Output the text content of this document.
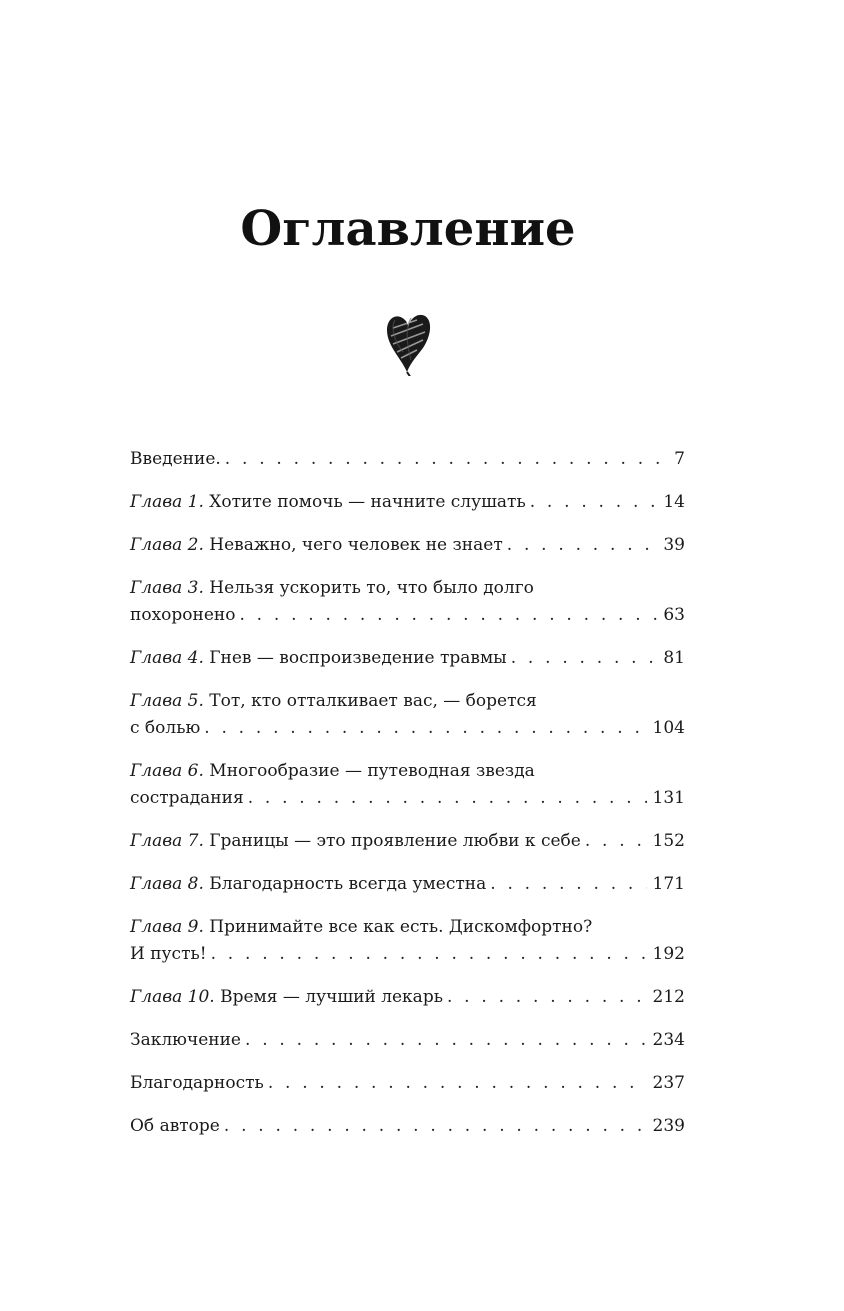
Оглавление
Введение. . . .	7
Глава 1. Хотите помочь — начните слушать . . .	14
Глава 2. Неважно, чего человек не знает . . .	39
Глава 3. Нельзя ускорить то, что было долго
похоронено . . .	63
Глава 4. Гнев — воспроизведение травмы . . .	81
Глава 5. Тот, кто отталкивает вас, — борется
с болью . . .	104
Глава 6. Многообразие — путеводная звезда
сострадания . . .	131
Глава 7. Границы — это проявление любви к себе . . .	152
Глава 8. Благодарность всегда уместна . . .	171
Глава 9. Принимайте все как есть. Дискомфортно?
И пусть! . . .	192
Глава 10. Время — лучший лекарь . . .	212
Заключение . . .	234
Благодарность . . .	237
Об авторе . . .	239
